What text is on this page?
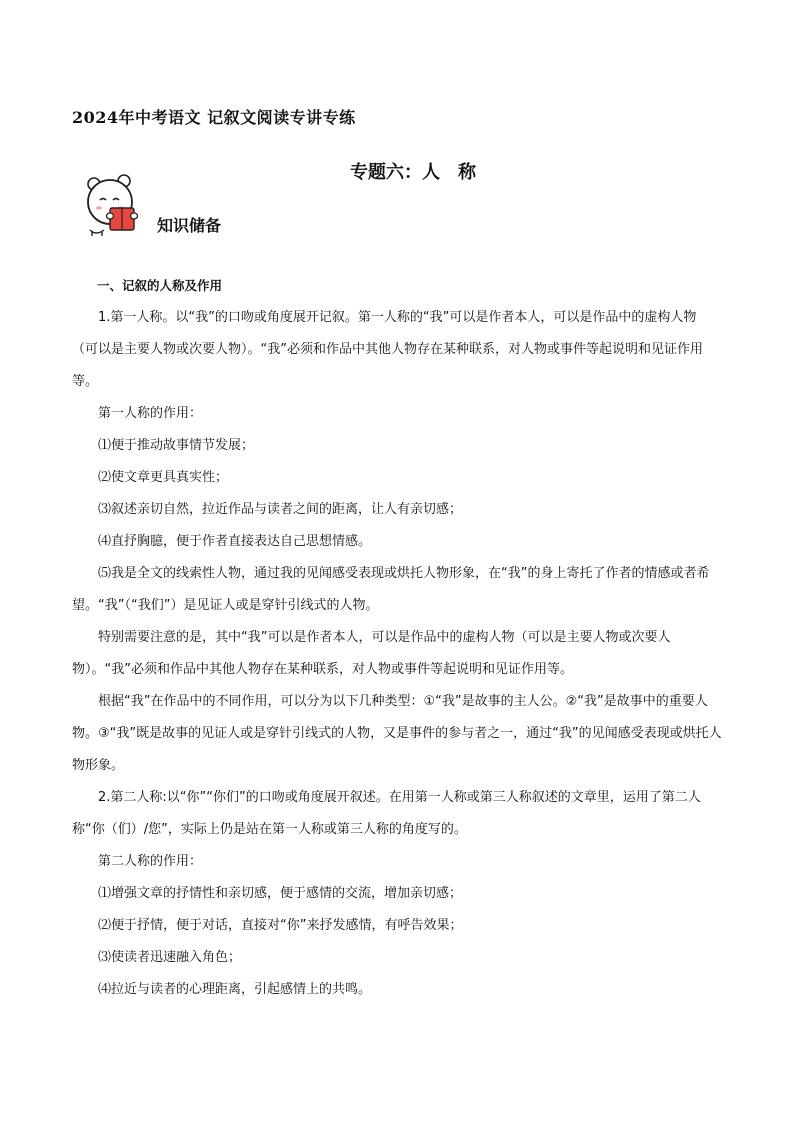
2024年中考语文 记叙文阅读专讲专练
专题六：人　称
知识储备
一、记叙的人称及作用

1.第一人称。以“我”的口吻或角度展开记叙。第一人称的“我”可以是作者本人，可以是作品中的虚构人物（可以是主要人物或次要人物）。“我”必须和作品中其他人物存在某种联系，对人物或事件等起说明和见证作用等。

第一人称的作用：

⑴便于推动故事情节发展；

⑵使文章更具真实性；

⑶叙述亲切自然，拉近作品与读者之间的距离，让人有亲切感；

⑷直抒胸臆，便于作者直接表达自己思想情感。

⑸我是全文的线索性人物，通过我的见闻感受表现或烘托人物形象，在“我”的身上寄托了作者的情感或者希望。“我”（“我们”）是见证人或是穿针引线式的人物。

特别需要注意的是，其中“我”可以是作者本人，可以是作品中的虚构人物（可以是主要人物或次要人物）。“我”必须和作品中其他人物存在某种联系，对人物或事件等起说明和见证作用等。

根据“我”在作品中的不同作用，可以分为以下几种类型：①“我”是故事的主人公。②“我”是故事中的重要人物。③“我”既是故事的见证人或是穿针引线式的人物，又是事件的参与者之一，通过“我”的见闻感受表现或烘托人物形象。

2.第二人称:以“你”“你们”的口吻或角度展开叙述。在用第一人称或第三人称叙述的文章里，运用了第二人称“你（们）/您”，实际上仍是站在第一人称或第三人称的角度写的。

第二人称的作用：

⑴增强文章的抒情性和亲切感，便于感情的交流，增加亲切感；

⑵便于抒情，便于对话，直接对“你”来抒发感情，有呼告效果；

⑶使读者迅速融入角色；

⑷拉近与读者的心理距离，引起感情上的共鸣。
